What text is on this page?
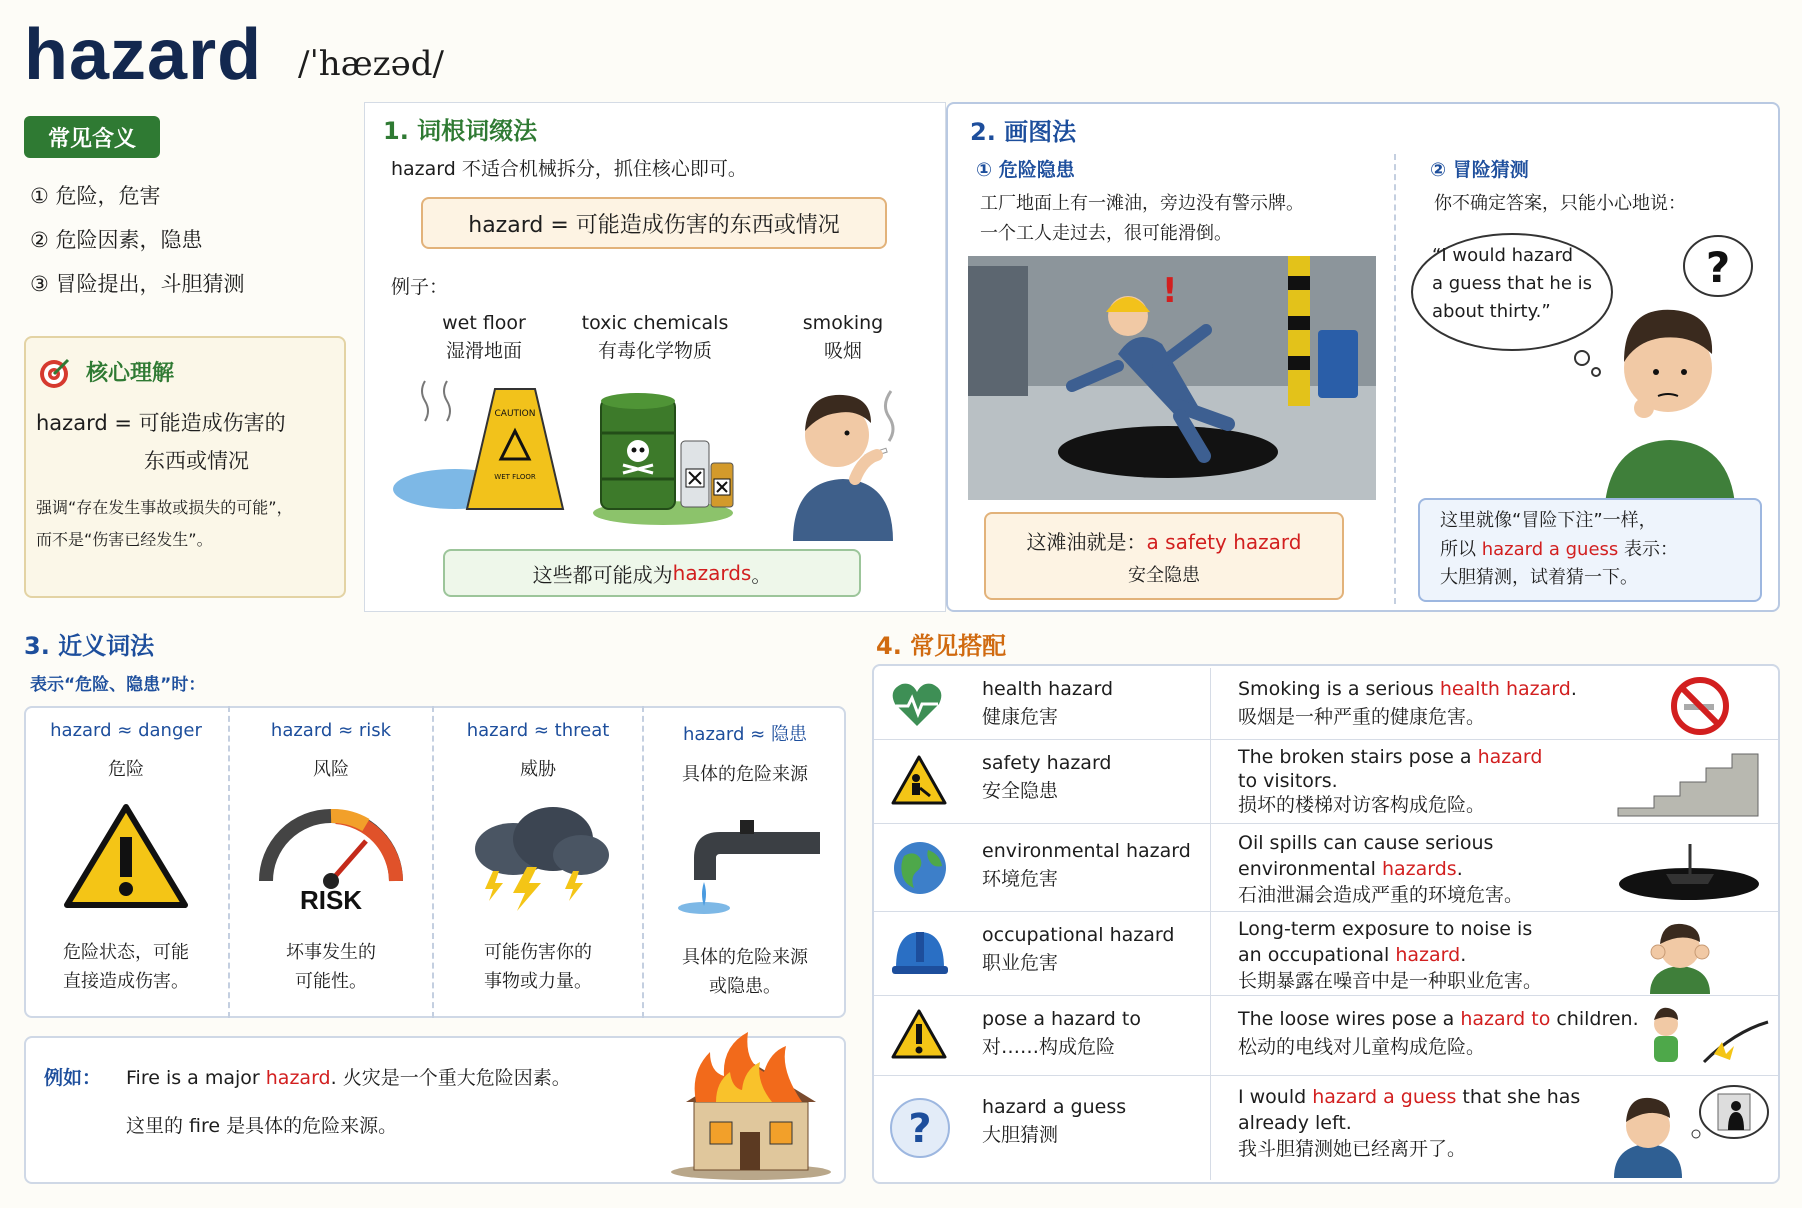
hazard /ˈhæzəd/
常见含义
① 危险，危害
② 危险因素，隐患
③ 冒险提出，斗胆猜测
核心理解
hazard = 可能造成伤害的
东西或情况
强调“存在发生事故或损失的可能”，
而不是“伤害已经发生”。
1. 词根词缀法
hazard 不适合机械拆分，抓住核心即可。
hazard = 可能造成伤害的东西或情况
例子：
wet floor
湿滑地面
toxic chemicals
有毒化学物质
smoking
吸烟
CAUTION
WET FLOOR
这些都可能成为 hazards 。
2. 画图法
① 危险隐患
工厂地面上有一滩油，旁边没有警示牌。
一个工人走过去，很可能滑倒。
!
这滩油就是：a safety hazard
安全隐患
② 冒险猜测
你不确定答案，只能小心地说：
?
“I would hazard
a guess that he is
about thirty.”
这里就像“冒险下注”一样，
所以 hazard a guess 表示：
大胆猜测，试着猜一下。
3. 近义词法
表示“危险、隐患”时：
hazard ≈ danger
危险
危险状态，可能
直接造成伤害。
hazard ≈ risk
风险
RISK
坏事发生的
可能性。
hazard ≈ threat
威胁
可能伤害你的
事物或力量。
hazard ≈ 隐患
具体的危险来源
具体的危险来源
或隐患。
例如： Fire is a major hazard. 火灾是一个重大危险因素。
这里的 fire 是具体的危险来源。
4. 常见搭配
health hazard
健康危害
Smoking is a serious health hazard.
吸烟是一种严重的健康危害。
safety hazard
安全隐患
The broken stairs pose a hazard
to visitors.
损坏的楼梯对访客构成危险。
environmental hazard
环境危害
Oil spills can cause serious
environmental hazards.
石油泄漏会造成严重的环境危害。
occupational hazard
职业危害
Long-term exposure to noise is
an occupational hazard.
长期暴露在噪音中是一种职业危害。
pose a hazard to
对……构成危险
The loose wires pose a hazard to children.
松动的电线对儿童构成危险。
?	hazard a guess
大胆猜测
I would hazard a guess that she has
already left.
我斗胆猜测她已经离开了。
